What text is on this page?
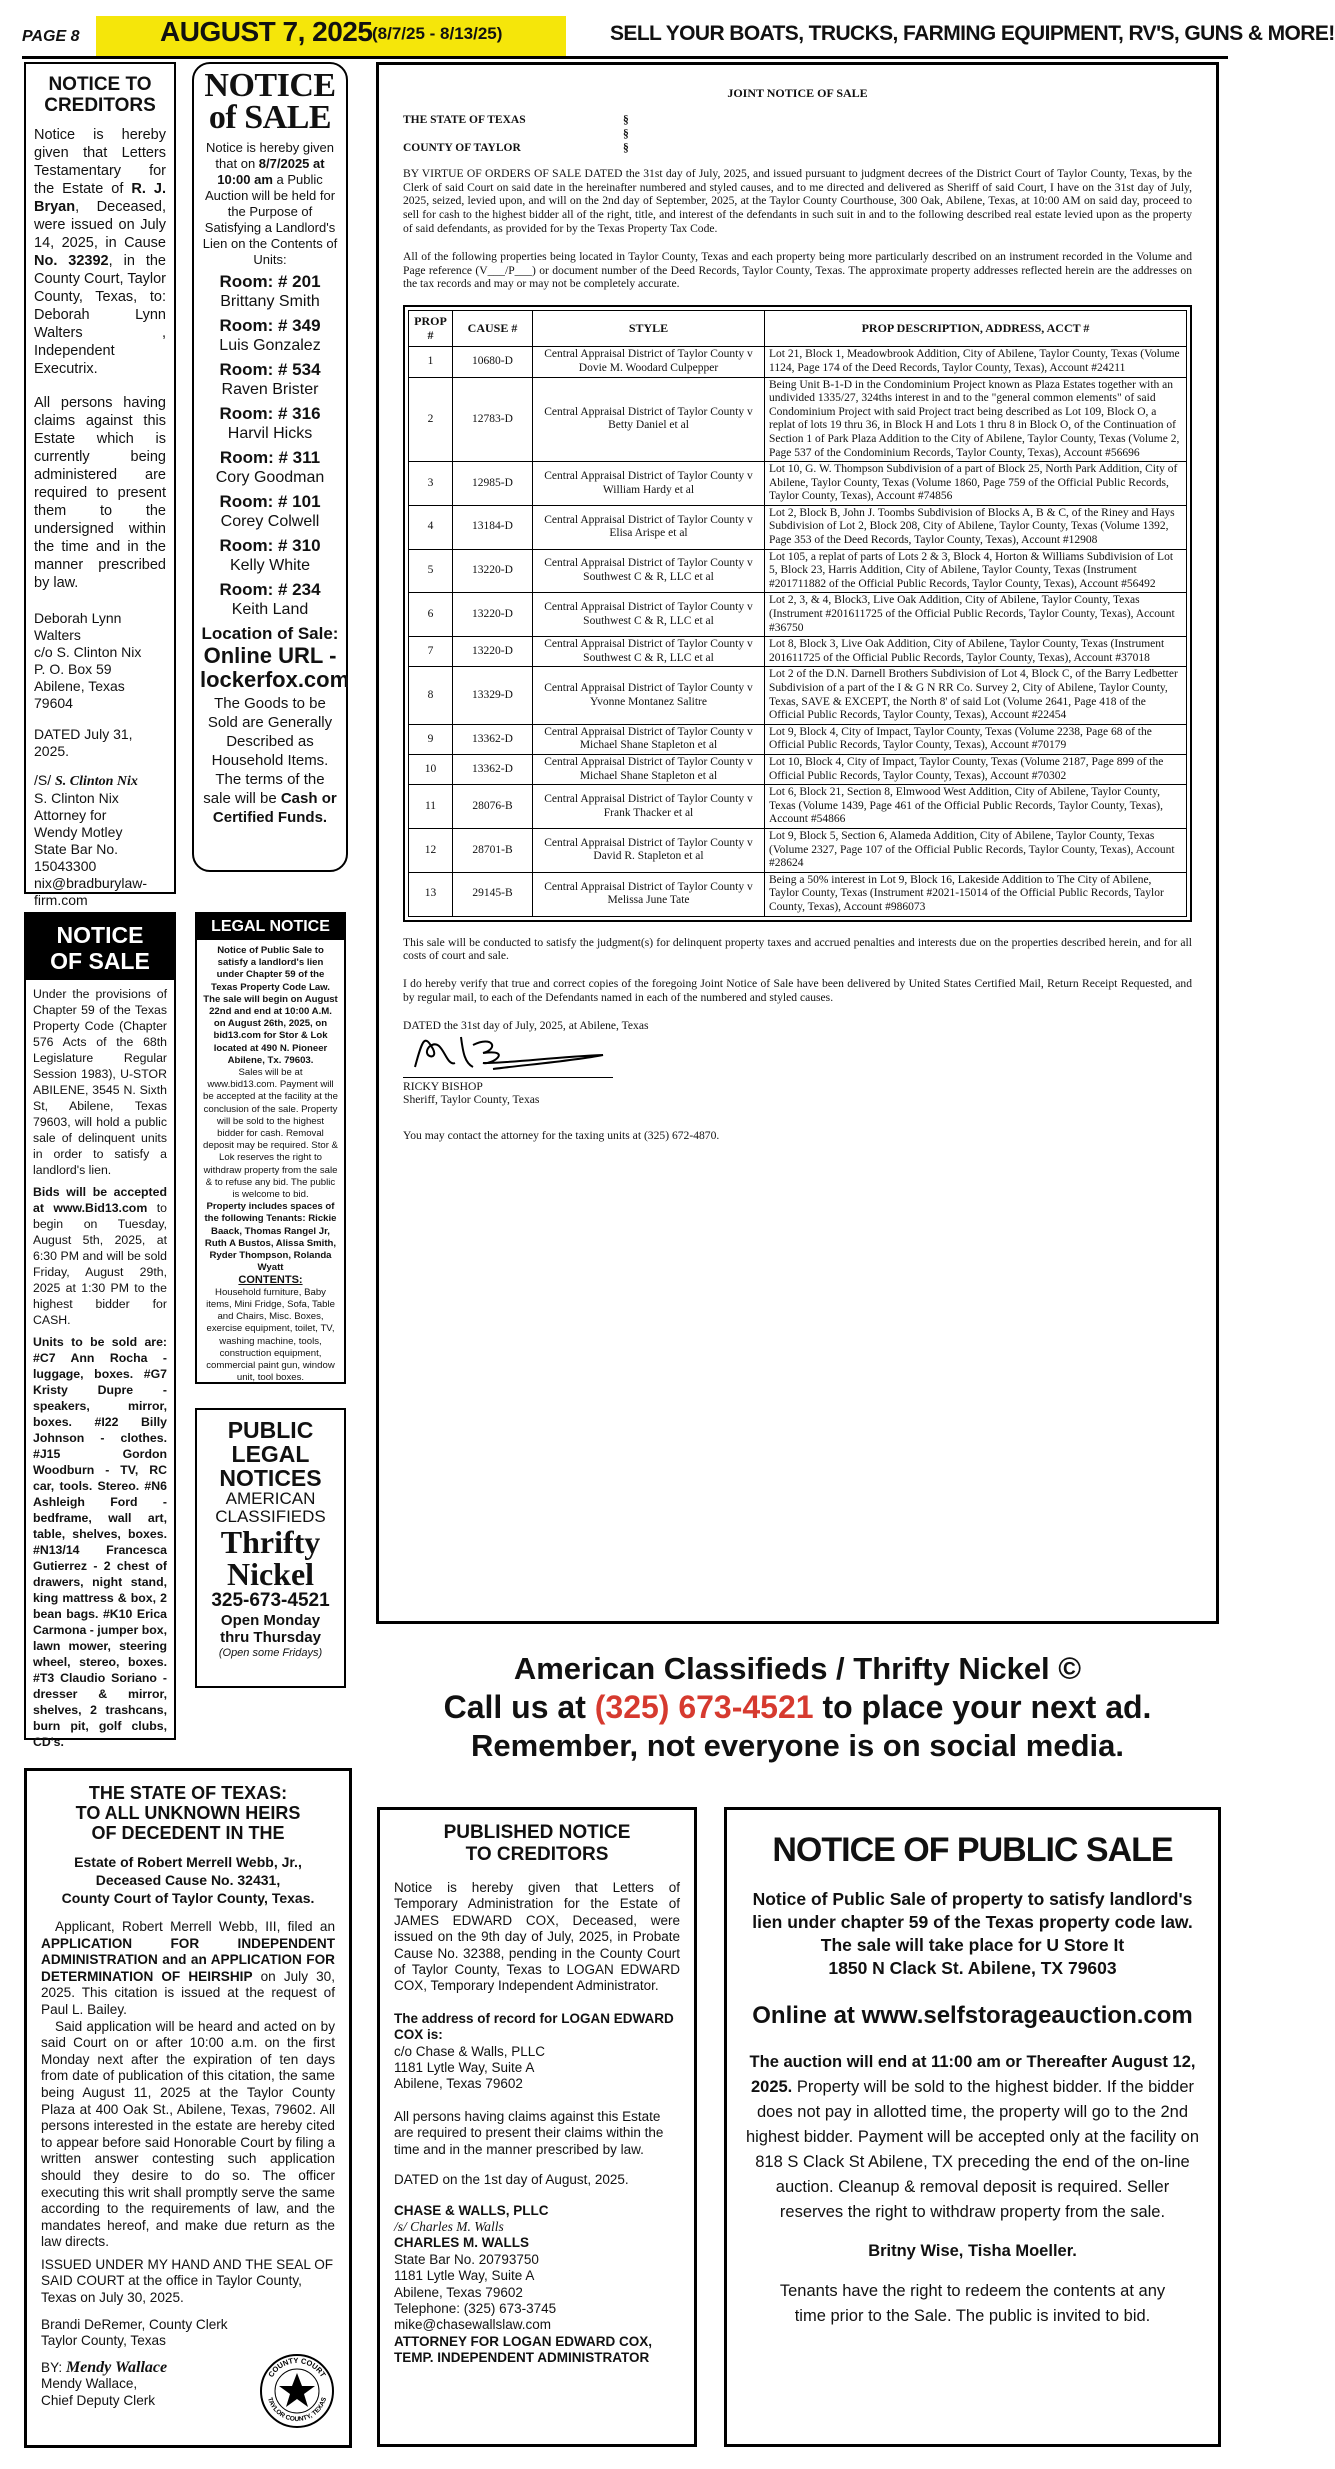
PAGE 8	AUGUST 7, 2025 (8/7/25 - 8/13/25)	SELL YOUR BOATS, TRUCKS, FARMING EQUIPMENT, RV'S, GUNS & MORE!
NOTICE TO CREDITORS
Notice is hereby given that Letters Testamentary for the Estate of R. J. Bryan, Deceased, were issued on July 14, 2025, in Cause No. 32392, in the County Court, Taylor County, Texas, to: Deborah Lynn Walters , Independent Executrix.
All persons having claims against this Estate which is currently being administered are required to present them to the undersigned within the time and in the manner prescribed by law.
Deborah Lynn
Walters
c/o S. Clinton Nix
P. O. Box 59
Abilene, Texas 79604
DATED July 31, 2025.
/S/ S. Clinton Nix
S. Clinton Nix
Attorney for
Wendy Motley
State Bar No.
15043300
nix@bradburylaw-
firm.com
NOTICE
OF SALE
Under the provisions of Chapter 59 of the Texas Property Code (Chapter 576 Acts of the 68th Legislature Regular Session 1983), U-STOR ABILENE, 3545 N. Sixth St, Abilene, Texas 79603, will hold a public sale of delinquent units in order to satisfy a landlord's lien.
Bids will be accepted at www.Bid13.com to begin on Tuesday, August 5th, 2025, at 6:30 PM and will be sold Friday, August 29th, 2025 at 1:30 PM to the highest bidder for CASH.
Units to be sold are: #C7 Ann Rocha - luggage, boxes. #G7 Kristy Dupre - speakers, mirror, boxes. #I22 Billy Johnson - clothes. #J15 Gordon Woodburn - TV, RC car, tools. Stereo. #N6 Ashleigh Ford - bedframe, wall art, table, shelves, boxes. #N13/14 Francesca Gutierrez - 2 chest of drawers, night stand, king mattress & box, 2 bean bags. #K10 Erica Carmona - jumper box, lawn mower, steering wheel, stereo, boxes. #T3 Claudio Soriano - dresser & mirror, shelves, 2 trashcans, burn pit, golf clubs, CD's.
NOTICE
of SALE
Notice is hereby given that on 8/7/2025 at 10:00 am a Public Auction will be held for the Purpose of Satisfying a Landlord's Lien on the Contents of Units:
Room: # 201
Brittany Smith
Room: # 349
Luis Gonzalez
Room: # 534
Raven Brister
Room: # 316
Harvil Hicks
Room: # 311
Cory Goodman
Room: # 101
Corey Colwell
Room: # 310
Kelly White
Room: # 234
Keith Land
Location of Sale:
Online URL -
lockerfox.com
The Goods to be Sold are Generally Described as Household Items.
The terms of the sale will be Cash or Certified Funds.
LEGAL NOTICE
Notice of Public Sale to satisfy a landlord's lien under Chapter 59 of the Texas Property Code Law. The sale will begin on August 22nd and end at 10:00 A.M. on August 26th, 2025, on bid13.com for Stor & Lok located at 490 N. Pioneer Abilene, Tx. 79603.
Sales will be at www.bid13.com. Payment will be accepted at the facility at the conclusion of the sale. Property will be sold to the highest bidder for cash. Removal deposit may be required. Stor & Lok reserves the right to withdraw property from the sale & to refuse any bid. The public is welcome to bid.
Property includes spaces of the following Tenants: Rickie Baack, Thomas Rangel Jr, Ruth A Bustos, Alissa Smith, Ryder Thompson, Rolanda Wyatt
CONTENTS:
Household furniture, Baby items, Mini Fridge, Sofa, Table and Chairs, Misc. Boxes, exercise equipment, toilet, TV, washing machine, tools, construction equipment, commercial paint gun, window unit, tool boxes.
PUBLIC
LEGAL
NOTICES
AMERICAN
CLASSIFIEDS
Thrifty
Nickel
325-673-4521
Open Monday
thru Thursday
(Open some Fridays)
JOINT NOTICE OF SALE
THE STATE OF TEXAS	§
§
COUNTY OF TAYLOR	§
BY VIRTUE OF ORDERS OF SALE DATED the 31st day of July, 2025, and issued pursuant to judgment decrees of the District Court of Taylor County, Texas, by the Clerk of said Court on said date in the hereinafter numbered and styled causes, and to me directed and delivered as Sheriff of said Court, I have on the 31st day of July, 2025, seized, levied upon, and will on the 2nd day of September, 2025, at the Taylor County Courthouse, 300 Oak, Abilene, Texas, at 10:00 AM on said day, proceed to sell for cash to the highest bidder all of the right, title, and interest of the defendants in such suit in and to the following described real estate levied upon as the property of said defendants, as provided for by the Texas Property Tax Code.
All of the following properties being located in Taylor County, Texas and each property being more particularly described on an instrument recorded in the Volume and Page reference (V___/P___) or document number of the Deed Records, Taylor County, Texas. The approximate property addresses reflected herein are the addresses on the tax records and may or may not be completely accurate.
PROP #	CAUSE #	STYLE	PROP DESCRIPTION, ADDRESS, ACCT #
1	10680-D	Central Appraisal District of Taylor County v Dovie M. Woodard Culpepper	Lot 21, Block 1, Meadowbrook Addition, City of Abilene, Taylor County, Texas (Volume 1124, Page 174 of the Deed Records, Taylor County, Texas), Account #24211
2	12783-D	Central Appraisal District of Taylor County v Betty Daniel et al	Being Unit B-1-D in the Condominium Project known as Plaza Estates together with an undivided 1335/27, 324ths interest in and to the "general common elements" of said Condominium Project with said Project tract being described as Lot 109, Block O, a replat of lots 19 thru 36, in Block H and Lots 1 thru 8 in Block O, of the Continuation of Section 1 of Park Plaza Addition to the City of Abilene, Taylor County, Texas (Volume 2, Page 537 of the Condominium Records, Taylor County, Texas), Account #56696
3	12985-D	Central Appraisal District of Taylor County v William Hardy et al	Lot 10, G. W. Thompson Subdivision of a part of Block 25, North Park Addition, City of Abilene, Taylor County, Texas (Volume 1860, Page 759 of the Official Public Records, Taylor County, Texas), Account #74856
4	13184-D	Central Appraisal District of Taylor County v Elisa Arispe et al	Lot 2, Block B, John J. Toombs Subdivision of Blocks A, B & C, of the Riney and Hays Subdivision of Lot 2, Block 208, City of Abilene, Taylor County, Texas (Volume 1392, Page 353 of the Deed Records, Taylor County, Texas), Account #12908
5	13220-D	Central Appraisal District of Taylor County v Southwest C & R, LLC et al	Lot 105, a replat of parts of Lots 2 & 3, Block 4, Horton & Williams Subdivision of Lot 5, Block 23, Harris Addition, City of Abilene, Taylor County, Texas (Instrument #201711882 of the Official Public Records, Taylor County, Texas), Account #56492
6	13220-D	Central Appraisal District of Taylor County v Southwest C & R, LLC et al	Lot 2, 3, & 4, Block3, Live Oak Addition, City of Abilene, Taylor County, Texas (Instrument #201611725 of the Official Public Records, Taylor County, Texas), Account #36750
7	13220-D	Central Appraisal District of Taylor County v Southwest C & R, LLC et al	Lot 8, Block 3, Live Oak Addition, City of Abilene, Taylor County, Texas (Instrument 201611725 of the Official Public Records, Taylor County, Texas), Account #37018
8	13329-D	Central Appraisal District of Taylor County v Yvonne Montanez Salitre	Lot 2 of the D.N. Darnell Brothers Subdivision of Lot 4, Block C, of the Barry Ledbetter Subdivision of a part of the I & G N RR Co. Survey 2, City of Abilene, Taylor County, Texas, SAVE & EXCEPT, the North 8' of said Lot (Volume 2641, Page 418 of the Official Public Records, Taylor County, Texas), Account #22454
9	13362-D	Central Appraisal District of Taylor County v Michael Shane Stapleton et al	Lot 9, Block 4, City of Impact, Taylor County, Texas (Volume 2238, Page 68 of the Official Public Records, Taylor County, Texas), Account #70179
10	13362-D	Central Appraisal District of Taylor County v Michael Shane Stapleton et al	Lot 10, Block 4, City of Impact, Taylor County, Texas (Volume 2187, Page 899 of the Official Public Records, Taylor County, Texas), Account #70302
11	28076-B	Central Appraisal District of Taylor County v Frank Thacker et al	Lot 6, Block 21, Section 8, Elmwood West Addition, City of Abilene, Taylor County, Texas (Volume 1439, Page 461 of the Official Public Records, Taylor County, Texas), Account #54866
12	28701-B	Central Appraisal District of Taylor County v David R. Stapleton et al	Lot 9, Block 5, Section 6, Alameda Addition, City of Abilene, Taylor County, Texas (Volume 2327, Page 107 of the Official Public Records, Taylor County, Texas), Account #28624
13	29145-B	Central Appraisal District of Taylor County v Melissa June Tate	Being a 50% interest in Lot 9, Block 16, Lakeside Addition to The City of Abilene, Taylor County, Texas (Instrument #2021-15014 of the Official Public Records, Taylor County, Texas), Account #986073
This sale will be conducted to satisfy the judgment(s) for delinquent property taxes and accrued penalties and interests due on the properties described herein, and for all costs of court and sale.
I do hereby verify that true and correct copies of the foregoing Joint Notice of Sale have been delivered by United States Certified Mail, Return Receipt Requested, and by regular mail, to each of the Defendants named in each of the numbered and styled causes.
DATED the 31st day of July, 2025, at Abilene, Texas
RICKY BISHOP
Sheriff, Taylor County, Texas
You may contact the attorney for the taxing units at (325) 672-4870.
American Classifieds / Thrifty Nickel ©
Call us at (325) 673-4521 to place your next ad.
Remember, not everyone is on social media.
THE STATE OF TEXAS:
TO ALL UNKNOWN HEIRS
OF DECEDENT IN THE
Estate of Robert Merrell Webb, Jr.,
Deceased Cause No. 32431,
County Court of Taylor County, Texas.
Applicant, Robert Merrell Webb, III, filed an APPLICATION FOR INDEPENDENT ADMINISTRATION and an APPLICATION FOR DETERMINATION OF HEIRSHIP on July 30, 2025. This citation is issued at the request of Paul L. Bailey.
Said application will be heard and acted on by said Court on or after 10:00 a.m. on the first Monday next after the expiration of ten days from date of publication of this citation, the same being August 11, 2025 at the Taylor County Plaza at 400 Oak St., Abilene, Texas, 79602. All persons interested in the estate are hereby cited to appear before said Honorable Court by filing a written answer contesting such application should they desire to do so. The officer executing this writ shall promptly serve the same according to the requirements of law, and the mandates hereof, and make due return as the law directs.
ISSUED UNDER MY HAND AND THE SEAL OF SAID COURT at the office in Taylor County, Texas on July 30, 2025.
Brandi DeRemer, County Clerk
Taylor County, Texas
BY: Mendy Wallace
Mendy Wallace,
Chief Deputy Clerk
COUNTY COURT
TAYLOR COUNTY, TEXAS
PUBLISHED NOTICE
TO CREDITORS
Notice is hereby given that Letters of Temporary Administration for the Estate of JAMES EDWARD COX, Deceased, were issued on the 9th day of July, 2025, in Probate Cause No. 32388, pending in the County Court of Taylor County, Texas to LOGAN EDWARD COX, Temporary Independent Administrator.
The address of record for LOGAN EDWARD COX is:
c/o Chase & Walls, PLLC
1181 Lytle Way, Suite A
Abilene, Texas 79602
All persons having claims against this Estate are required to present their claims within the time and in the manner prescribed by law.
DATED on the 1st day of August, 2025.
CHASE & WALLS, PLLC
/s/ Charles M. Walls
CHARLES M. WALLS
State Bar No. 20793750
1181 Lytle Way, Suite A
Abilene, Texas 79602
Telephone: (325) 673-3745
mike@chasewallslaw.com
ATTORNEY FOR LOGAN EDWARD COX,
TEMP. INDEPENDENT ADMINISTRATOR
NOTICE OF PUBLIC SALE
Notice of Public Sale of property to satisfy landlord's lien under chapter 59 of the Texas property code law. The sale will take place for U Store It
1850 N Clack St. Abilene, TX 79603
Online at www.selfstorageauction.com
The auction will end at 11:00 am or Thereafter August 12, 2025. Property will be sold to the highest bidder. If the bidder does not pay in allotted time, the property will go to the 2nd highest bidder. Payment will be accepted only at the facility on 818 S Clack St Abilene, TX preceding the end of the on-line auction. Cleanup & removal deposit is required. Seller reserves the right to withdraw property from the sale.
Britny Wise, Tisha Moeller.
Tenants have the right to redeem the contents at any time prior to the Sale. The public is invited to bid.
